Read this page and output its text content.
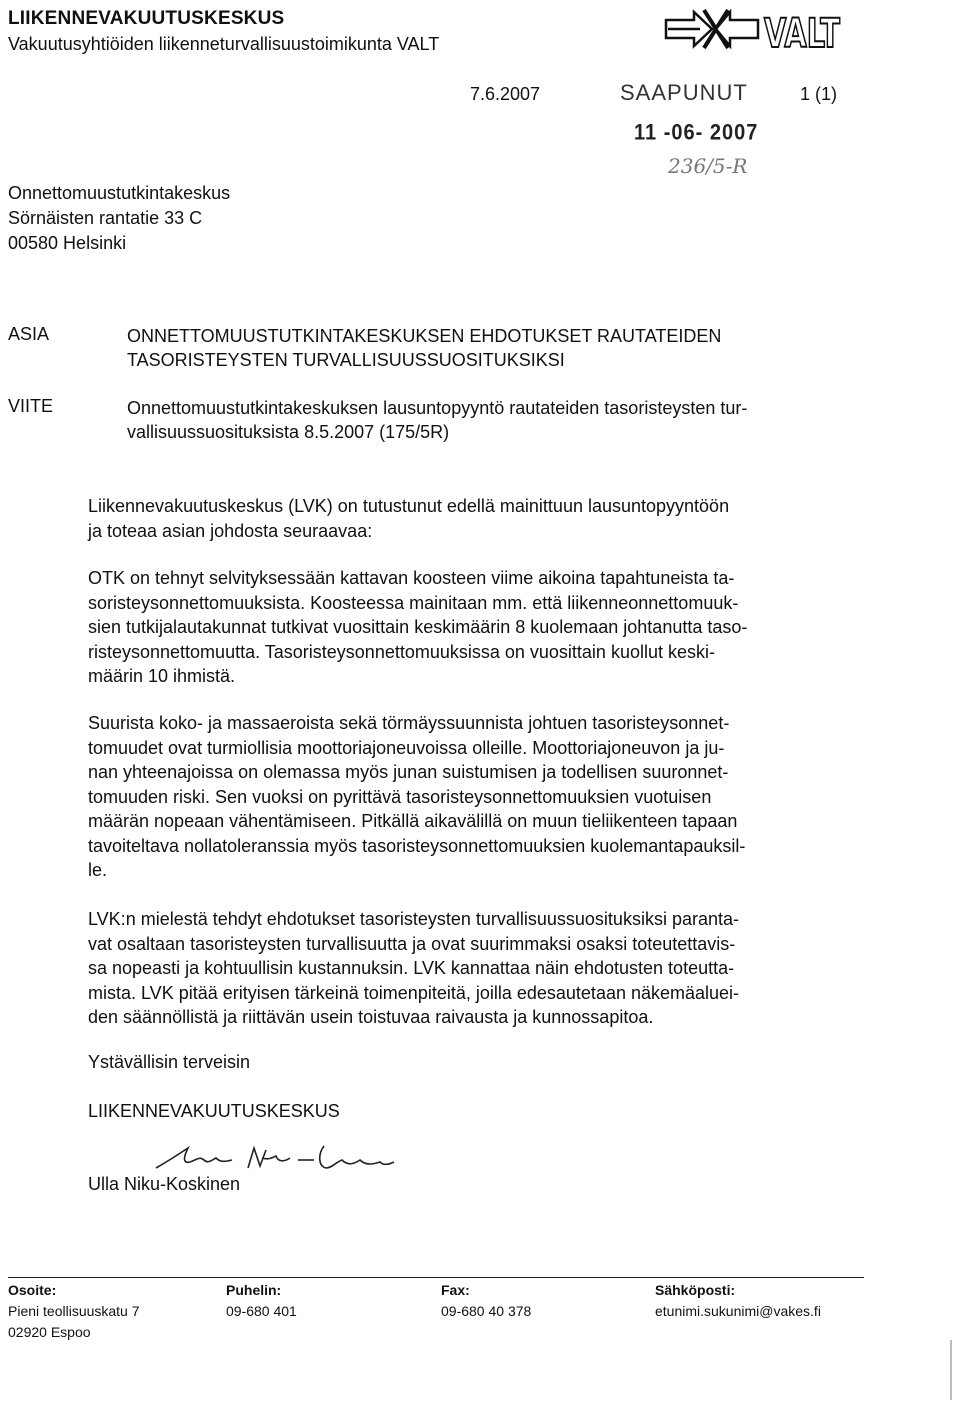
LIIKENNEVAKUUTUSKESKUS
Vakuutusyhtiöiden liikenneturvallisuustoimikunta VALT	VALT
7.6.2007	1 (1)
SAAPUNUT
11 -06- 2007
236/5-R
Onnettomuustutkintakeskus
Sörnäisten rantatie 33 C
00580 Helsinki
ASIA	ONNETTOMUUSTUTKINTAKESKUKSEN EHDOTUKSET RAUTATEIDEN
TASORISTEYSTEN TURVALLISUUSSUOSITUKSIKSI
VIITE	Onnettomuustutkintakeskuksen lausuntopyyntö rautateiden tasoristeysten tur-
vallisuussuosituksista 8.5.2007 (175/5R)
Liikennevakuutuskeskus (LVK) on tutustunut edellä mainittuun lausuntopyyntöön
ja toteaa asian johdosta seuraavaa:
OTK on tehnyt selvityksessään kattavan koosteen viime aikoina tapahtuneista ta-
soristeysonnettomuuksista. Koosteessa mainitaan mm. että liikenneonnettomuuk-
sien tutkijalautakunnat tutkivat vuosittain keskimäärin 8 kuolemaan johtanutta taso-
risteysonnettomuutta. Tasoristeysonnettomuuksissa on vuosittain kuollut keski-
määrin 10 ihmistä.
Suurista koko- ja massaeroista sekä törmäyssuunnista johtuen tasoristeysonnet-
tomuudet ovat turmiollisia moottoriajoneuvoissa olleille. Moottoriajoneuvon ja ju-
nan yhteenajoissa on olemassa myös junan suistumisen ja todellisen suuronnet-
tomuuden riski. Sen vuoksi on pyrittävä tasoristeysonnettomuuksien vuotuisen
määrän nopeaan vähentämiseen. Pitkällä aikavälillä on muun tieliikenteen tapaan
tavoiteltava nollatoleranssia myös tasoristeysonnettomuuksien kuolemantapauksil-
le.
LVK:n mielestä tehdyt ehdotukset tasoristeysten turvallisuussuosituksiksi paranta-
vat osaltaan tasoristeysten turvallisuutta ja ovat suurimmaksi osaksi toteutettavis-
sa nopeasti ja kohtuullisin kustannuksin. LVK kannattaa näin ehdotusten toteutta-
mista. LVK pitää erityisen tärkeinä toimenpiteitä, joilla edesautetaan näkemäaluei-
den säännöllistä ja riittävän usein toistuvaa raivausta ja kunnossapitoa.
Ystävällisin terveisin
LIIKENNEVAKUUTUSKESKUS
Ulla Niku-Koskinen
Osoite:
Pieni teollisuuskatu 7
02920 Espoo
Puhelin:
09-680 401
Fax:
09-680 40 378
Sähköposti:
etunimi.sukunimi@vakes.fi
